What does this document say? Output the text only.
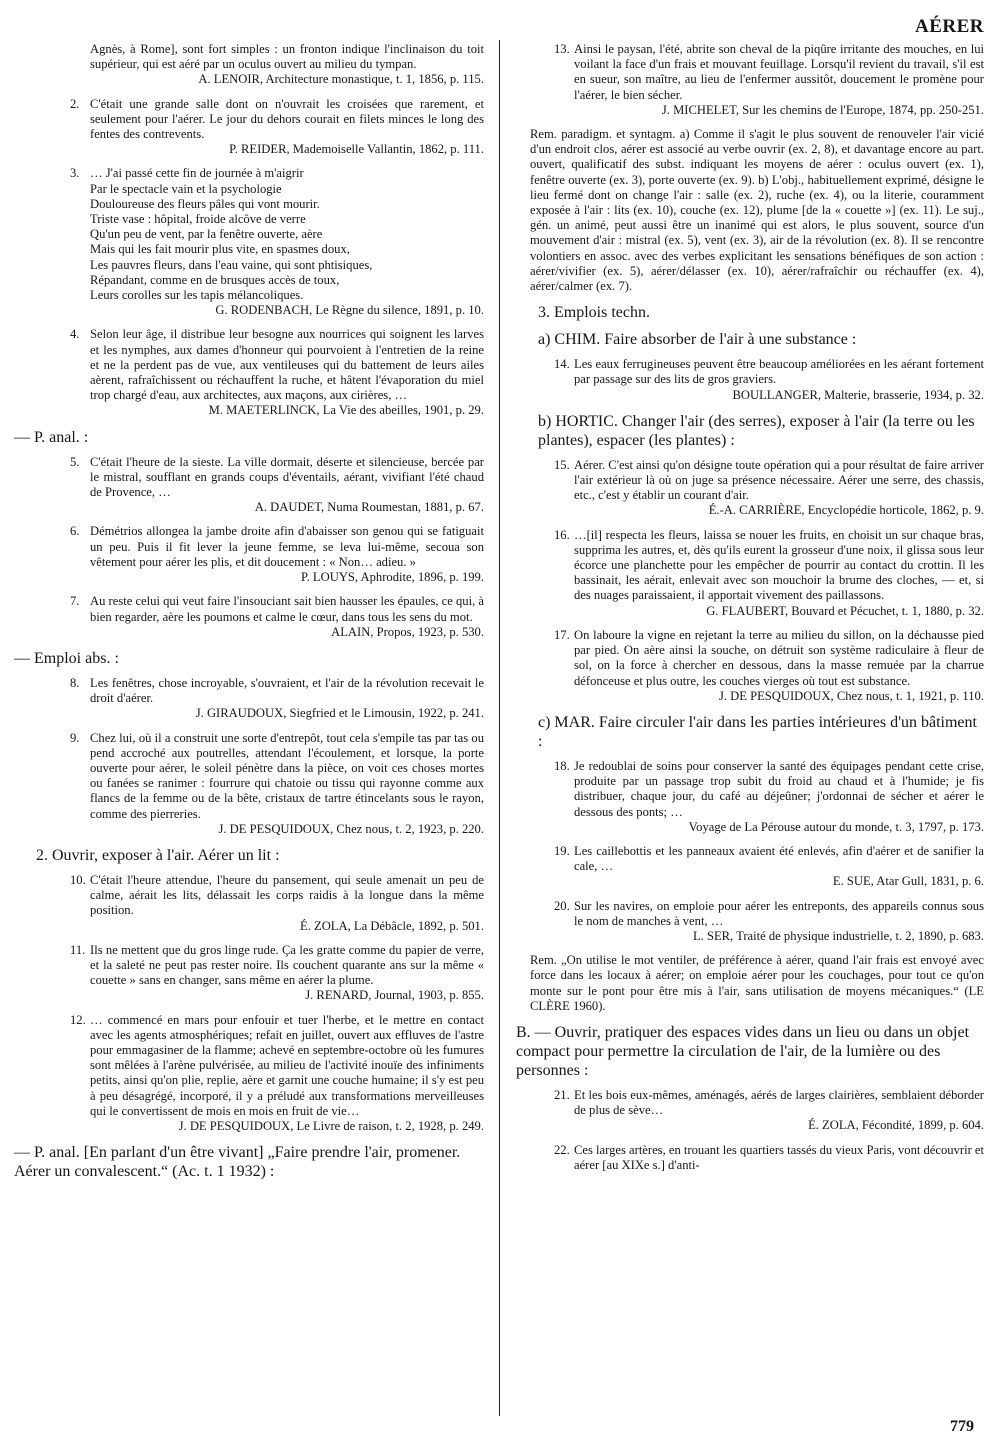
AÉRER
Agnès, à Rome], sont fort simples : un fronton indique l'inclinaison du toit supérieur, qui est aéré par un oculus ouvert au milieu du tympan.
A. LENOIR, Architecture monastique, t. 1, 1856, p. 115.
2. C'était une grande salle dont on n'ouvrait les croisées que rarement, et seulement pour l'aérer. Le jour du dehors courait en filets minces le long des fentes des contrevents.
P. REIDER, Mademoiselle Vallantin, 1862, p. 111.
3. … J'ai passé cette fin de journée à m'aigrir
Par le spectacle vain et la psychologie
Douloureuse des fleurs pâles qui vont mourir.
Triste vase : hôpital, froide alcôve de verre
Qu'un peu de vent, par la fenêtre ouverte, aère
Mais qui les fait mourir plus vite, en spasmes doux,
Les pauvres fleurs, dans l'eau vaine, qui sont phtisiques,
Répandant, comme en de brusques accès de toux,
Leurs corolles sur les tapis mélancoliques.
G. RODENBACH, Le Règne du silence, 1891, p. 10.
4. Selon leur âge, il distribue leur besogne aux nourrices qui soignent les larves et les nymphes, aux dames d'honneur qui pourvoient à l'entretien de la reine et ne la perdent pas de vue, aux ventileuses qui du battement de leurs ailes aèrent, rafraîchissent ou réchauffent la ruche, et hâtent l'évaporation du miel trop chargé d'eau, aux architectes, aux maçons, aux cirières, …
M. MAETERLINCK, La Vie des abeilles, 1901, p. 29.
— P. anal. :
5. C'était l'heure de la sieste. La ville dormait, déserte et silencieuse, bercée par le mistral, soufflant en grands coups d'éventails, aérant, vivifiant l'été chaud de Provence, …
A. DAUDET, Numa Roumestan, 1881, p. 67.
6. Démétrios allongea la jambe droite afin d'abaisser son genou qui se fatiguait un peu. Puis il fit lever la jeune femme, se leva lui-même, secoua son vêtement pour aérer les plis, et dit doucement : « Non… adieu. »
P. LOUYS, Aphrodite, 1896, p. 199.
7. Au reste celui qui veut faire l'insouciant sait bien hausser les épaules, ce qui, à bien regarder, aère les poumons et calme le cœur, dans tous les sens du mot.
ALAIN, Propos, 1923, p. 530.
— Emploi abs. :
8. Les fenêtres, chose incroyable, s'ouvraient, et l'air de la révolution recevait le droit d'aérer.
J. GIRAUDOUX, Siegfried et le Limousin, 1922, p. 241.
9. Chez lui, où il a construit une sorte d'entrepôt, tout cela s'empile tas par tas ou pend accroché aux poutrelles, attendant l'écoulement, et lorsque, la porte ouverte pour aérer, le soleil pénètre dans la pièce, on voit ces choses mortes ou fanées se ranimer : fourrure qui chatoie ou tissu qui rayonne comme aux flancs de la femme ou de la bête, cristaux de tartre étincelants sous le rayon, comme des pierreries.
J. DE PESQUIDOUX, Chez nous, t. 2, 1923, p. 220.
2. Ouvrir, exposer à l'air. Aérer un lit :
10. C'était l'heure attendue, l'heure du pansement, qui seule amenait un peu de calme, aérait les lits, délassait les corps raidis à la longue dans la même position.
É. ZOLA, La Débâcle, 1892, p. 501.
11. Ils ne mettent que du gros linge rude. Ça les gratte comme du papier de verre, et la saleté ne peut pas rester noire. Ils couchent quarante ans sur la même « couette » sans en changer, sans même en aérer la plume.
J. RENARD, Journal, 1903, p. 855.
12. … commencé en mars pour enfouir et tuer l'herbe, et le mettre en contact avec les agents atmosphériques; refait en juillet, ouvert aux effluves de l'astre pour emmagasiner de la flamme; achevé en septembre-octobre où les fumures sont mêlées à l'arène pulvérisée, au milieu de l'activité inouïe des infiniments petits, ainsi qu'on plie, replie, aère et garnit une couche humaine; il s'y est peu à peu désagrégé, incorporé, il y a préludé aux transformations merveilleuses qui le convertissent de mois en mois en fruit de vie…
J. DE PESQUIDOUX, Le Livre de raison, t. 2, 1928, p. 249.
— P. anal. [En parlant d'un être vivant] „Faire prendre l'air, promener. Aérer un convalescent.“ (Ac. t. 1 1932) :
13. Ainsi le paysan, l'été, abrite son cheval de la piqûre irritante des mouches, en lui voilant la face d'un frais et mouvant feuillage. Lorsqu'il revient du travail, s'il est en sueur, son maître, au lieu de l'enfermer aussitôt, doucement le promène pour l'aérer, le bien sécher.
J. MICHELET, Sur les chemins de l'Europe, 1874, pp. 250-251.
Rem. paradigm. et syntagm. a) Comme il s'agit le plus souvent de renouveler l'air vicié d'un endroit clos, aérer est associé au verbe ouvrir (ex. 2, 8), et davantage encore au part. ouvert, qualificatif des subst. indiquant les moyens de aérer : oculus ouvert (ex. 1), fenêtre ouverte (ex. 3), porte ouverte (ex. 9). b) L'obj., habituellement exprimé, désigne le lieu fermé dont on change l'air : salle (ex. 2), ruche (ex. 4), ou la literie, couramment exposée à l'air : lits (ex. 10), couche (ex. 12), plume [de la « couette »] (ex. 11). Le suj., gén. un animé, peut aussi être un inanimé qui est alors, le plus souvent, source d'un mouvement d'air : mistral (ex. 5), vent (ex. 3), air de la révolution (ex. 8). Il se rencontre volontiers en assoc. avec des verbes explicitant les sensations bénéfiques de son action : aérer/vivifier (ex. 5), aérer/délasser (ex. 10), aérer/rafraîchir ou réchauffer (ex. 4), aérer/calmer (ex. 7).
3. Emplois techn.
a) CHIM. Faire absorber de l'air à une substance :
14. Les eaux ferrugineuses peuvent être beaucoup améliorées en les aérant fortement par passage sur des lits de gros graviers.
BOULLANGER, Malterie, brasserie, 1934, p. 32.
b) HORTIC. Changer l'air (des serres), exposer à l'air (la terre ou les plantes), espacer (les plantes) :
15. Aérer. C'est ainsi qu'on désigne toute opération qui a pour résultat de faire arriver l'air extérieur là où on juge sa présence nécessaire. Aérer une serre, des chassis, etc., c'est y établir un courant d'air.
É.-A. CARRIÈRE, Encyclopédie horticole, 1862, p. 9.
16. …[il] respecta les fleurs, laissa se nouer les fruits, en choisit un sur chaque bras, supprima les autres, et, dès qu'ils eurent la grosseur d'une noix, il glissa sous leur écorce une planchette pour les empêcher de pourrir au contact du crottin. Il les bassinait, les aérait, enlevait avec son mouchoir la brume des cloches, — et, si des nuages paraissaient, il apportait vivement des paillassons.
G. FLAUBERT, Bouvard et Pécuchet, t. 1, 1880, p. 32.
17. On laboure la vigne en rejetant la terre au milieu du sillon, on la déchausse pied par pied. On aère ainsi la souche, on détruit son système radiculaire à fleur de sol, on la force à chercher en dessous, dans la masse remuée par la charrue défonceuse et plus outre, les couches vierges où tout est substance.
J. DE PESQUIDOUX, Chez nous, t. 1, 1921, p. 110.
c) MAR. Faire circuler l'air dans les parties intérieures d'un bâtiment :
18. Je redoublai de soins pour conserver la santé des équipages pendant cette crise, produite par un passage trop subit du froid au chaud et à l'humide; je fis distribuer, chaque jour, du café au déjeûner; j'ordonnai de sécher et aérer le dessous des ponts; …
Voyage de La Pérouse autour du monde, t. 3, 1797, p. 173.
19. Les caillebottis et les panneaux avaient été enlevés, afin d'aérer et de sanifier la cale, …
E. SUE, Atar Gull, 1831, p. 6.
20. Sur les navires, on emploie pour aérer les entreponts, des appareils connus sous le nom de manches à vent, …
L. SER, Traité de physique industrielle, t. 2, 1890, p. 683.
Rem. „On utilise le mot ventiler, de préférence à aérer, quand l'air frais est envoyé avec force dans les locaux à aérer; on emploie aérer pour les couchages, pour tout ce qu'on monte sur le pont pour être mis à l'air, sans utilisation de moyens mécaniques.“ (LE CLÈRE 1960).
B. — Ouvrir, pratiquer des espaces vides dans un lieu ou dans un objet compact pour permettre la circulation de l'air, de la lumière ou des personnes :
21. Et les bois eux-mêmes, aménagés, aérés de larges clairières, semblaient déborder de plus de sève…
É. ZOLA, Fécondité, 1899, p. 604.
22. Ces larges artères, en trouant les quartiers tassés du vieux Paris, vont découvrir et aérer [au XIXe s.] d'anti-
779
